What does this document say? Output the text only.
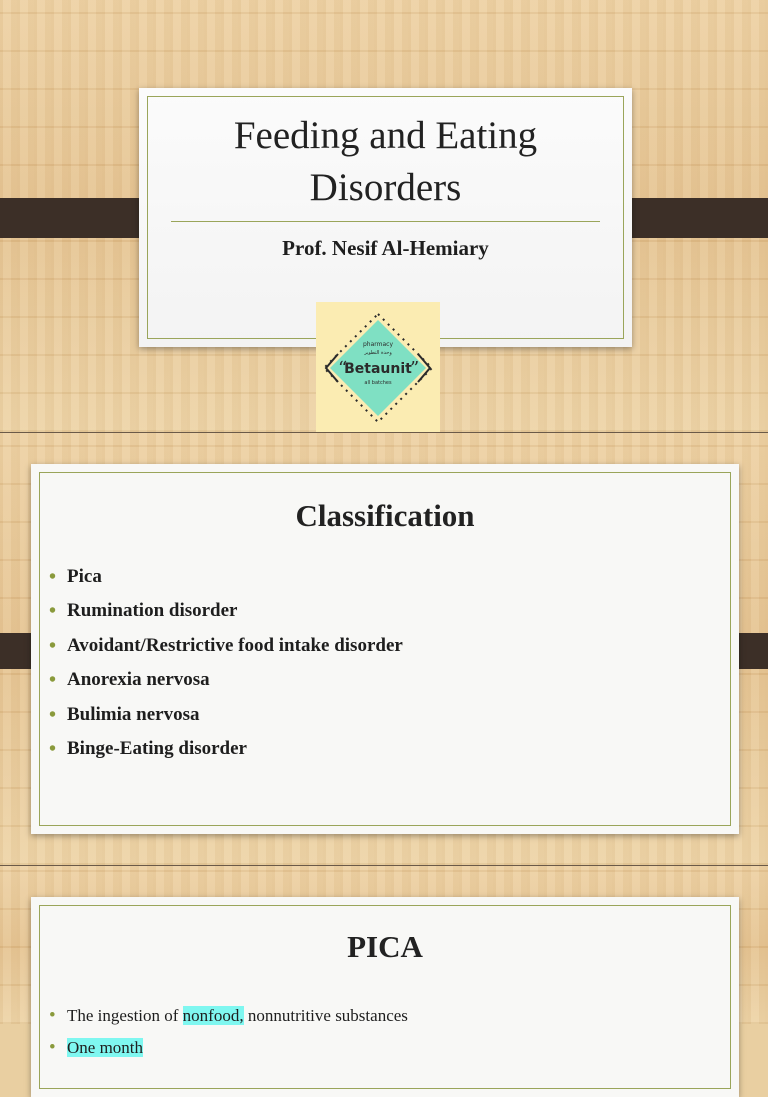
Feeding and Eating
Disorders
Prof. Nesif Al-Hemiary
pharmacy
ﻭﺣﺪﺓ ﺍﻟﺘﻄﻮﻳﺮ
Betaunit
“	”
all batches
Classification
• Pica
• Rumination disorder
• Avoidant/Restrictive food intake disorder
• Anorexia nervosa
• Bulimia nervosa
• Binge-Eating disorder
PICA
• The ingestion of nonfood, nonnutritive substances
• One month
